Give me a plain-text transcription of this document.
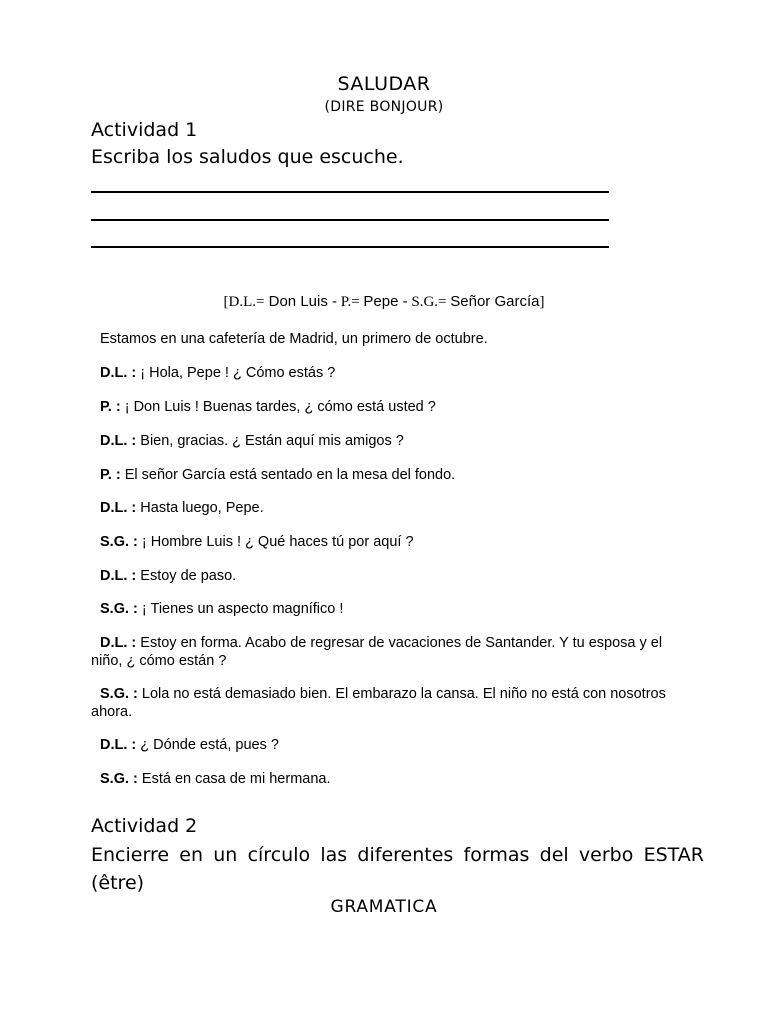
SALUDAR
(DIRE BONJOUR)
Actividad 1
Escriba los saludos que escuche.
[D.L.= Don Luis - P.= Pepe - S.G.= Señor García]
Estamos en una cafetería de Madrid, un primero de octubre.
D.L. : ¡ Hola, Pepe ! ¿ Cómo estás ?
P. : ¡ Don Luis ! Buenas tardes, ¿ cómo está usted ?
D.L. : Bien, gracias. ¿ Están aquí mis amigos ?
P. : El señor García está sentado en la mesa del fondo.
D.L. : Hasta luego, Pepe.
S.G. : ¡ Hombre Luis ! ¿ Qué haces tú por aquí ?
D.L. : Estoy de paso.
S.G. : ¡ Tienes un aspecto magnífico !
D.L. : Estoy en forma. Acabo de regresar de vacaciones de Santander. Y tu esposa y el niño, ¿ cómo están ?
S.G. : Lola no está demasiado bien. El embarazo la cansa. El niño no está con nosotros ahora.
D.L. : ¿ Dónde está, pues ?
S.G. : Está en casa de mi hermana.
Actividad 2
Encierre en un círculo las diferentes formas del verbo ESTAR (être)
GRAMATICA
